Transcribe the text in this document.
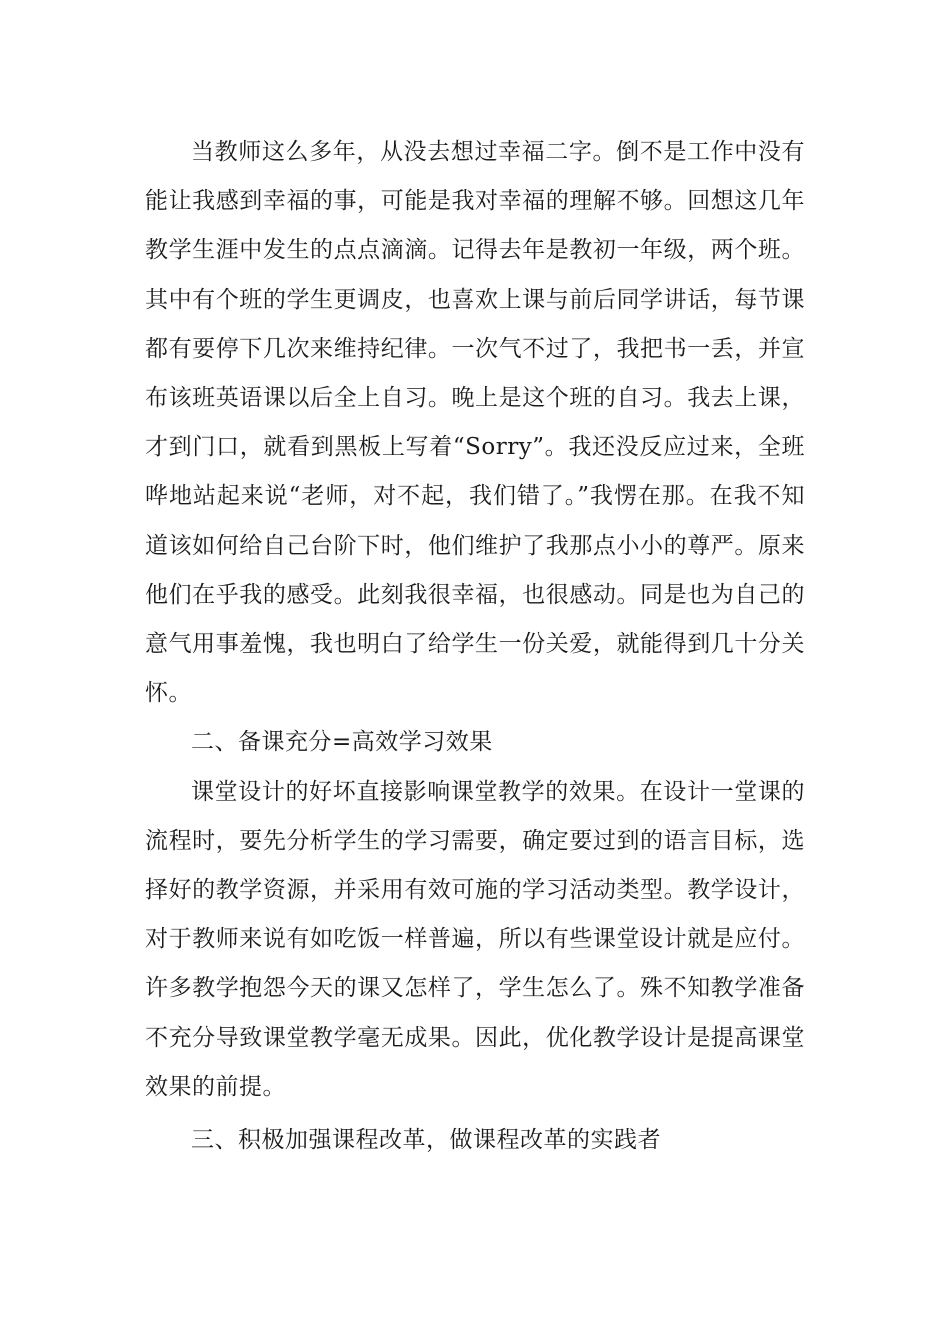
当教师这么多年，从没去想过幸福二字。倒不是工作中没有能让我感到幸福的事，可能是我对幸福的理解不够。回想这几年教学生涯中发生的点点滴滴。记得去年是教初一年级，两个班。其中有个班的学生更调皮，也喜欢上课与前后同学讲话，每节课都有要停下几次来维持纪律。一次气不过了，我把书一丢，并宣布该班英语课以后全上自习。晚上是这个班的自习。我去上课，才到门口，就看到黑板上写着“Sorry”。我还没反应过来，全班哗地站起来说“老师，对不起，我们错了。”我愣在那。在我不知道该如何给自己台阶下时，他们维护了我那点小小的尊严。原来他们在乎我的感受。此刻我很幸福，也很感动。同是也为自己的意气用事羞愧，我也明白了给学生一份关爱，就能得到几十分关怀。

二、备课充分=高效学习效果

课堂设计的好坏直接影响课堂教学的效果。在设计一堂课的流程时，要先分析学生的学习需要，确定要过到的语言目标，选择好的教学资源，并采用有效可施的学习活动类型。教学设计，对于教师来说有如吃饭一样普遍，所以有些课堂设计就是应付。许多教学抱怨今天的课又怎样了，学生怎么了。殊不知教学准备不充分导致课堂教学毫无成果。因此，优化教学设计是提高课堂效果的前提。

三、积极加强课程改革，做课程改革的实践者
